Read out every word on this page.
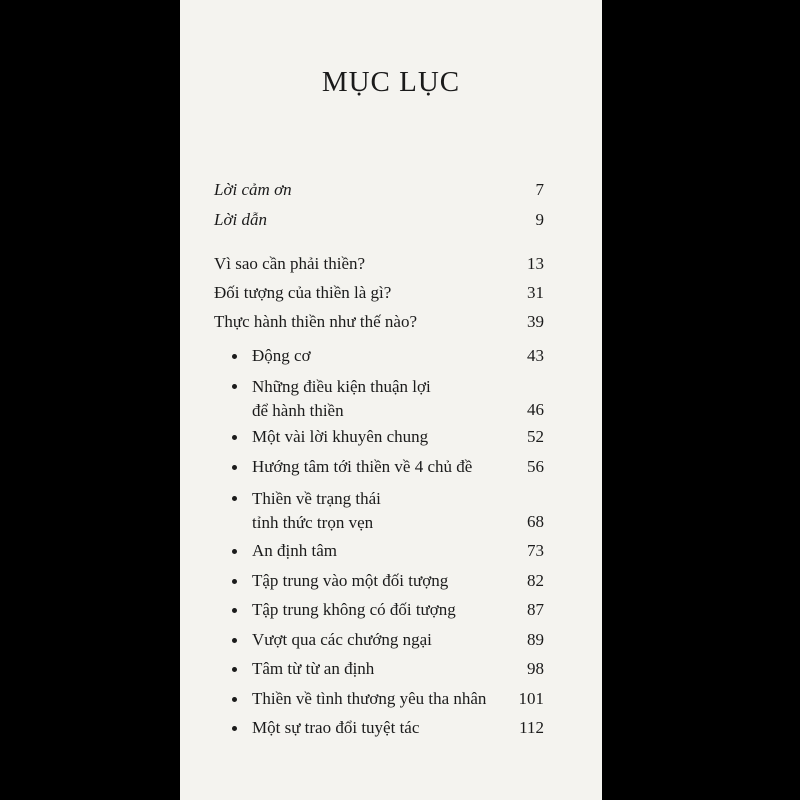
MỤC LỤC
Lời cảm ơn	7
Lời dẫn	9
Vì sao cần phải thiền?	13
Đối tượng của thiền là gì?	31
Thực hành thiền như thế nào?	39
Động cơ	43
Những điều kiện thuận lợi
để hành thiền	46
Một vài lời khuyên chung	52
Hướng tâm tới thiền về 4 chủ đề	56
Thiền về trạng thái
tỉnh thức trọn vẹn	68
An định tâm	73
Tập trung vào một đối tượng	82
Tập trung không có đối tượng	87
Vượt qua các chướng ngại	89
Tâm từ từ an định	98
Thiền về tình thương yêu tha nhân 101
Một sự trao đổi tuyệt tác	112
